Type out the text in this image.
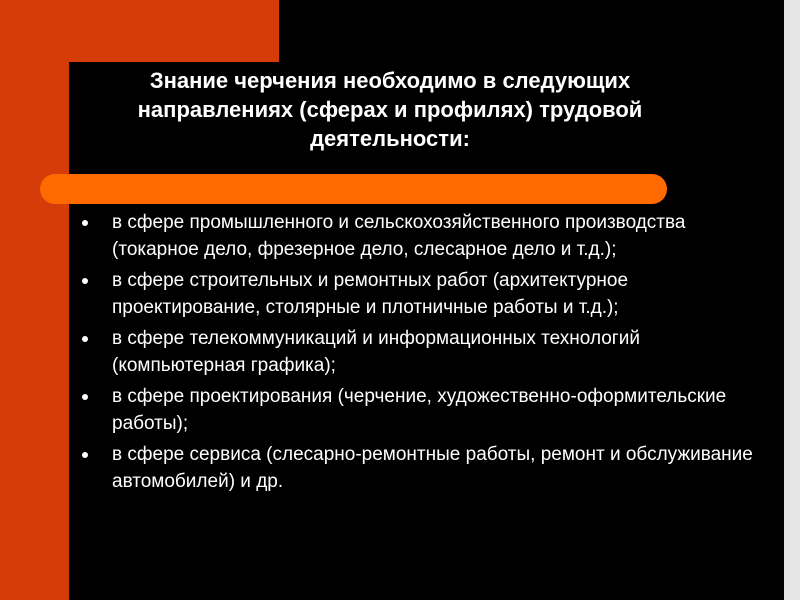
Знание черчения необходимо в следующих направлениях (сферах и профилях) трудовой деятельности:
в сфере промышленного и сельскохозяйственного производства (токарное дело, фрезерное дело, слесарное дело и т.д.);
в сфере строительных и ремонтных работ (архитектурное проектирование, столярные и плотничные работы и т.д.);
в сфере телекоммуникаций и информационных технологий (компьютерная графика);
в сфере проектирования (черчение, художественно-оформительские работы);
в сфере сервиса (слесарно-ремонтные работы, ремонт и обслуживание автомобилей) и др.
